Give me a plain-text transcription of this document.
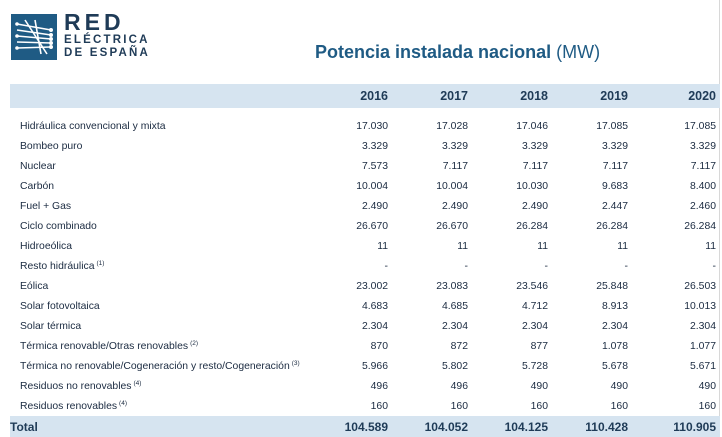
RED
ELÉCTRICA
DE ESPAÑA	Potencia instalada nacional (MW)
	2016	2017	2018	2019	2020

Hidráulica convencional y mixta	17.030	17.028	17.046	17.085	17.085
Bombeo puro	3.329	3.329	3.329	3.329	3.329
Nuclear	7.573	7.117	7.117	7.117	7.117
Carbón	10.004	10.004	10.030	9.683	8.400
Fuel + Gas	2.490	2.490	2.490	2.447	2.460
Ciclo combinado	26.670	26.670	26.284	26.284	26.284
Hidroeólica	11	11	11	11	11
Resto hidráulica $^{(1)}$	-	-	-	-	-
Eólica	23.002	23.083	23.546	25.848	26.503
Solar fotovoltaica	4.683	4.685	4.712	8.913	10.013
Solar térmica	2.304	2.304	2.304	2.304	2.304
Térmica renovable/Otras renovables $^{(2)}$	870	872	877	1.078	1.077
Térmica no renovable/Cogeneración y resto/Cogeneración $^{(3)}$	5.966	5.802	5.728	5.678	5.671
Residuos no renovables $^{(4)}$	496	496	490	490	490
Residuos renovables $^{(4)}$	160	160	160	160	160
Total	104.589	104.052	104.125	110.428	110.905
